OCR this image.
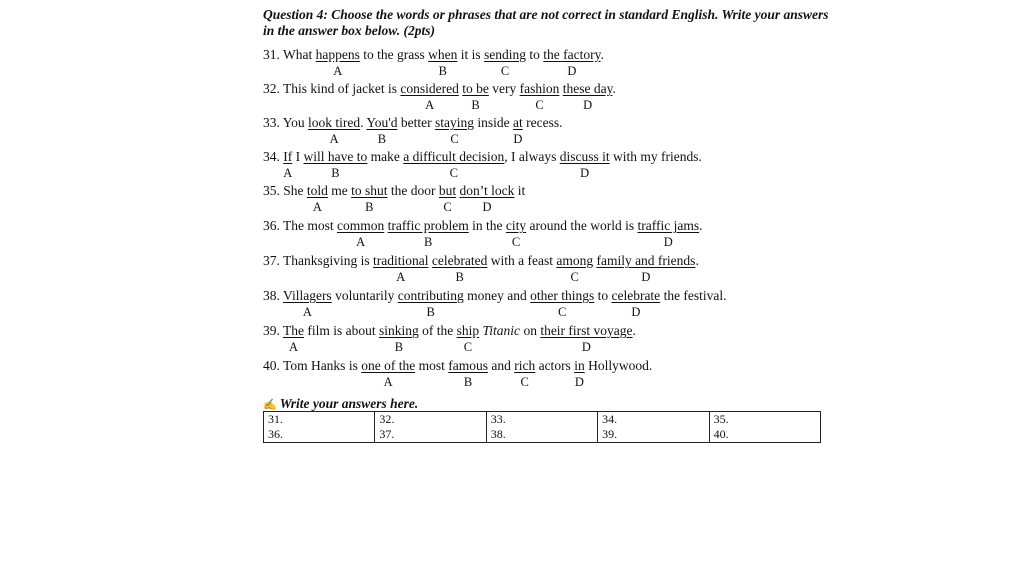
Question 4: Choose the words or phrases that are not correct in standard English. Write your answers in the answer box below. (2pts)
31. What happens to the grass when it is sending to the factory.
32. This kind of jacket is considered to be very fashion these day.
33. You look tired. You'd better staying inside at recess.
34. If I will have to make a difficult decision, I always discuss it with my friends.
35. She told me to shut the door but don’t lock it
36. The most common traffic problem in the city around the world is traffic jams.
37. Thanksgiving is traditional celebrated with a feast among family and friends.
38. Villagers voluntarily contributing money and other things to celebrate the festival.
39. The film is about sinking of the ship Titanic on their first voyage.
40. Tom Hanks is one of the most famous and rich actors in Hollywood.
A	B	C	D
A	B	C	D
A	B	C	D
A	B	C	D
A	B	C D
A	B	C	D
A	B	C	D
A	B	C	D
A	B	C	D
A	B	C	D
✍ Write your answers here.
31.	32.	33.	34.	35.
36.	37.	38.	39.	40.
